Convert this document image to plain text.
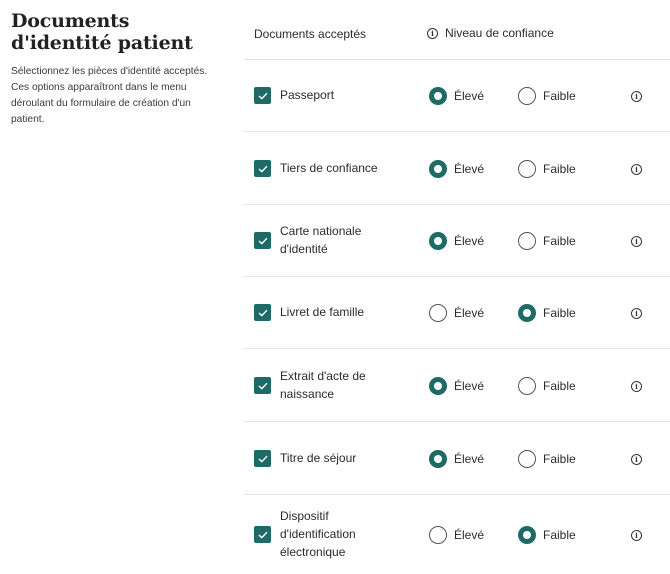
Documents d'identité patient

Sélectionnez les pièces d'identité acceptés. Ces options apparaîtront dans le menu déroulant du formulaire de création d'un patient.

Documents acceptés	i Niveau de confiance
Passeport	Élevé	Faible	i
Tiers de confiance	Élevé	Faible	i
Carte nationale
d'identité
Élevé	Faible	i
Livret de famille	Élevé	Faible	i
Extrait d'acte de
naissance
Élevé	Faible	i
Titre de séjour	Élevé	Faible	i
Dispositif
d'identification
électronique
Élevé	Faible	i
